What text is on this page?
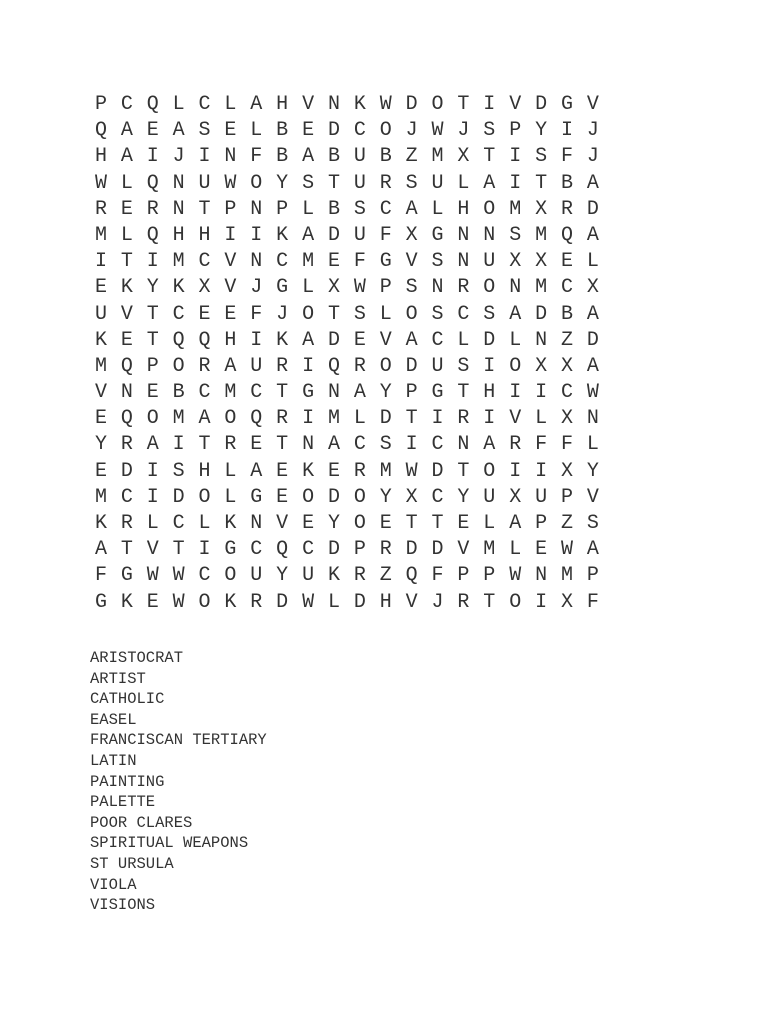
P C Q L C L A H V N K W D O T I V D G V
Q A E A S E L B E D C O J W J S P Y I J
H A I J I N F B A B U B Z M X T I S F J
W L Q N U W O Y S T U R S U L A I T B A
R E R N T P N P L B S C A L H O M X R D
M L Q H H I I K A D U F X G N N S M Q A
I T I M C V N C M E F G V S N U X X E L
E K Y K X V J G L X W P S N R O N M C X
U V T C E E F J O T S L O S C S A D B A
K E T Q Q H I K A D E V A C L D L N Z D
M Q P O R A U R I Q R O D U S I O X X A
V N E B C M C T G N A Y P G T H I I C W
E Q O M A O Q R I M L D T I R I V L X N
Y R A I T R E T N A C S I C N A R F F L
E D I S H L A E K E R M W D T O I I X Y
M C I D O L G E O D O Y X C Y U X U P V
K R L C L K N V E Y O E T T E L A P Z S
A T V T I G C Q C D P R D D V M L E W A
F G W W C O U Y U K R Z Q F P P W N M P
G K E W O K R D W L D H V J R T O I X F
ARISTOCRAT
ARTIST
CATHOLIC
EASEL
FRANCISCAN TERTIARY
LATIN
PAINTING
PALETTE
POOR CLARES
SPIRITUAL WEAPONS
ST URSULA
VIOLA
VISIONS
